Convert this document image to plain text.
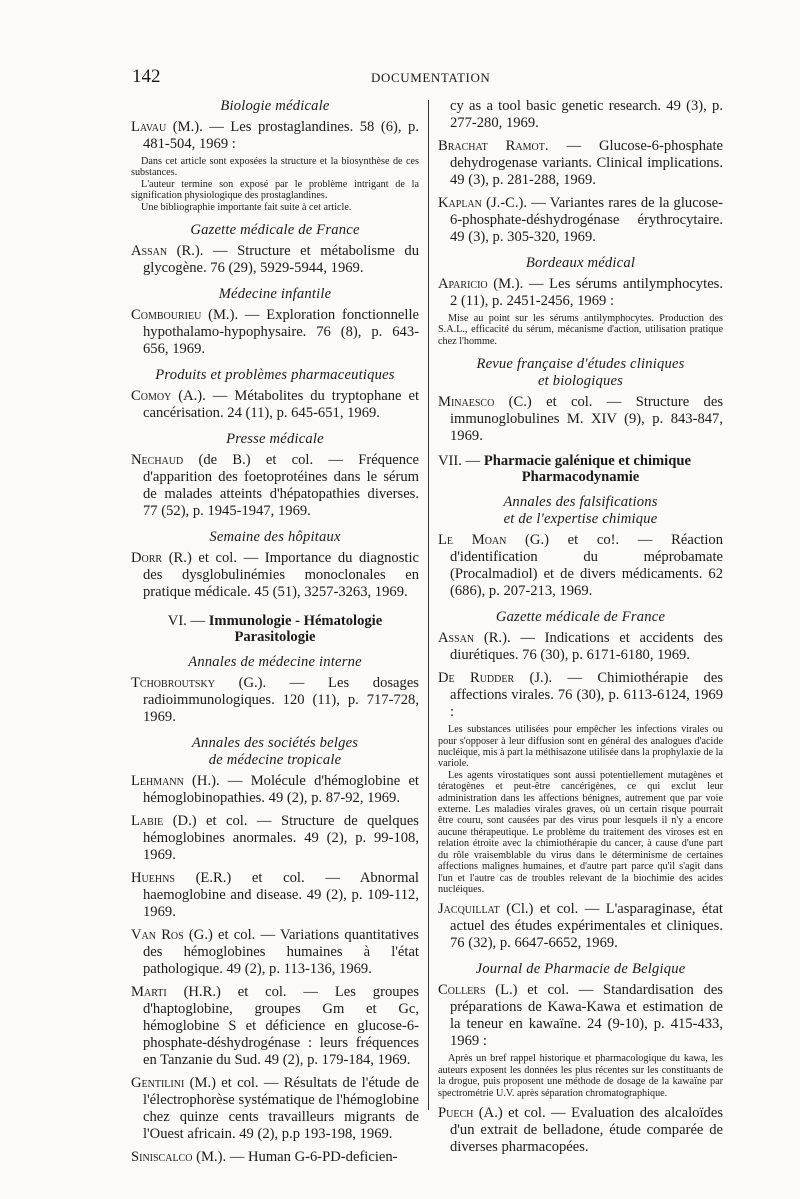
142	DOCUMENTATION
Biologie médicale
Lavau (M.). — Les prostaglandines. 58 (6), p. 481-504, 1969 :

Dans cet article sont exposées la structure et la biosynthèse de ces substances.

L'auteur termine son exposé par le problème intrigant de la signification physiologique des prostaglandines.

Une bibliographie importante fait suite à cet article.

Gazette médicale de France
Assan (R.). — Structure et métabolisme du glycogène. 76 (29), 5929-5944, 1969.
Médecine infantile
Combourieu (M.). — Exploration fonctionnelle hypothalamo-hypophysaire. 76 (8), p. 643-656, 1969.
Produits et problèmes pharmaceutiques
Comoy (A.). — Métabolites du tryptophane et cancérisation. 24 (11), p. 645-651, 1969.
Presse médicale
Nechaud (de B.) et col. — Fréquence d'apparition des foetoprotéines dans le sérum de malades atteints d'hépatopathies diverses. 77 (52), p. 1945-1947, 1969.
Semaine des hôpitaux
Dorr (R.) et col. — Importance du diagnostic des dysglobulinémies monoclonales en pratique médicale. 45 (51), 3257-3263, 1969.
VI. — Immunologie - Hématologie
Parasitologie
Annales de médecine interne
Tchobroutsky (G.). — Les dosages radioimmunologiques. 120 (11), p. 717-728, 1969.
Annales des sociétés belges
de médecine tropicale
Lehmann (H.). — Molécule d'hémoglobine et hémoglobinopathies. 49 (2), p. 87-92, 1969.
Labie (D.) et col. — Structure de quelques hémoglobines anormales. 49 (2), p. 99-108, 1969.
Huehns (E.R.) et col. — Abnormal haemoglobine and disease. 49 (2), p. 109-112, 1969.
Van Ros (G.) et col. — Variations quantitatives des hémoglobines humaines à l'état pathologique. 49 (2), p. 113-136, 1969.
Marti (H.R.) et col. — Les groupes d'haptoglobine, groupes Gm et Gc, hémoglobine S et déficience en glucose-6-phosphate-déshydrogénase : leurs fréquences en Tanzanie du Sud. 49 (2), p. 179-184, 1969.
Gentilini (M.) et col. — Résultats de l'étude de l'électrophorèse systématique de l'hémoglobine chez quinze cents travailleurs migrants de l'Ouest africain. 49 (2), p.p 193-198, 1969.
Siniscalco (M.). — Human G-6-PD-deficien-
cy as a tool basic genetic research. 49 (3), p. 277-280, 1969.
Brachat Ramot. — Glucose-6-phosphate dehydrogenase variants. Clinical implications. 49 (3), p. 281-288, 1969.
Kaplan (J.-C.). — Variantes rares de la glucose-6-phosphate-déshydrogénase érythrocytaire. 49 (3), p. 305-320, 1969.
Bordeaux médical
Aparicio (M.). — Les sérums antilymphocytes. 2 (11), p. 2451-2456, 1969 :

Mise au point sur les sérums antilymphocytes. Production des S.A.L., efficacité du sérum, mécanisme d'action, utilisation pratique chez l'homme.

Revue française d'études cliniques
et biologiques
Minaesco (C.) et col. — Structure des immunoglobulines M. XIV (9), p. 843-847, 1969.
VII. — Pharmacie galénique et chimique
Pharmacodynamie
Annales des falsifications
et de l'expertise chimique
Le Moan (G.) et co!. — Réaction d'identification du méprobamate (Procalmadiol) et de divers médicaments. 62 (686), p. 207-213, 1969.
Gazette médicale de France
Assan (R.). — Indications et accidents des diurétiques. 76 (30), p. 6171-6180, 1969.
De Rudder (J.). — Chimiothérapie des affections virales. 76 (30), p. 6113-6124, 1969 :

Les substances utilisées pour empêcher les infections virales ou pour s'opposer à leur diffusion sont en général des analogues d'acide nucléique, mis à part la méthisazone utilisée dans la prophylaxie de la variole.

Les agents virostatiques sont aussi potentiellement mutagènes et tératogènes et peut-être cancérigènes, ce qui exclut leur administration dans les affections bénignes, autrement que par voie externe. Les maladies virales graves, où un certain risque pourrait être couru, sont causées par des virus pour lesquels il n'y a encore aucune thérapeutique. Le problème du traitement des viroses est en relation étroite avec la chimiothérapie du cancer, à cause d'une part du rôle vraisemblable du virus dans le déterminisme de certaines affections malignes humaines, et d'autre part parce qu'il s'agit dans l'un et l'autre cas de troubles relevant de la biochimie des acides nucléiques.

Jacquillat (Cl.) et col. — L'asparaginase, état actuel des études expérimentales et cliniques. 76 (32), p. 6647-6652, 1969.
Journal de Pharmacie de Belgique
Collers (L.) et col. — Standardisation des préparations de Kawa-Kawa et estimation de la teneur en kawaïne. 24 (9-10), p. 415-433, 1969 :

Après un bref rappel historique et pharmacologique du kawa, les auteurs exposent les données les plus récentes sur les constituants de la drogue, puis proposent une méthode de dosage de la kawaïne par spectrométrie U.V. après séparation chromatographique.

Puech (A.) et col. — Evaluation des alcaloïdes d'un extrait de belladone, étude comparée de diverses pharmacopées.
